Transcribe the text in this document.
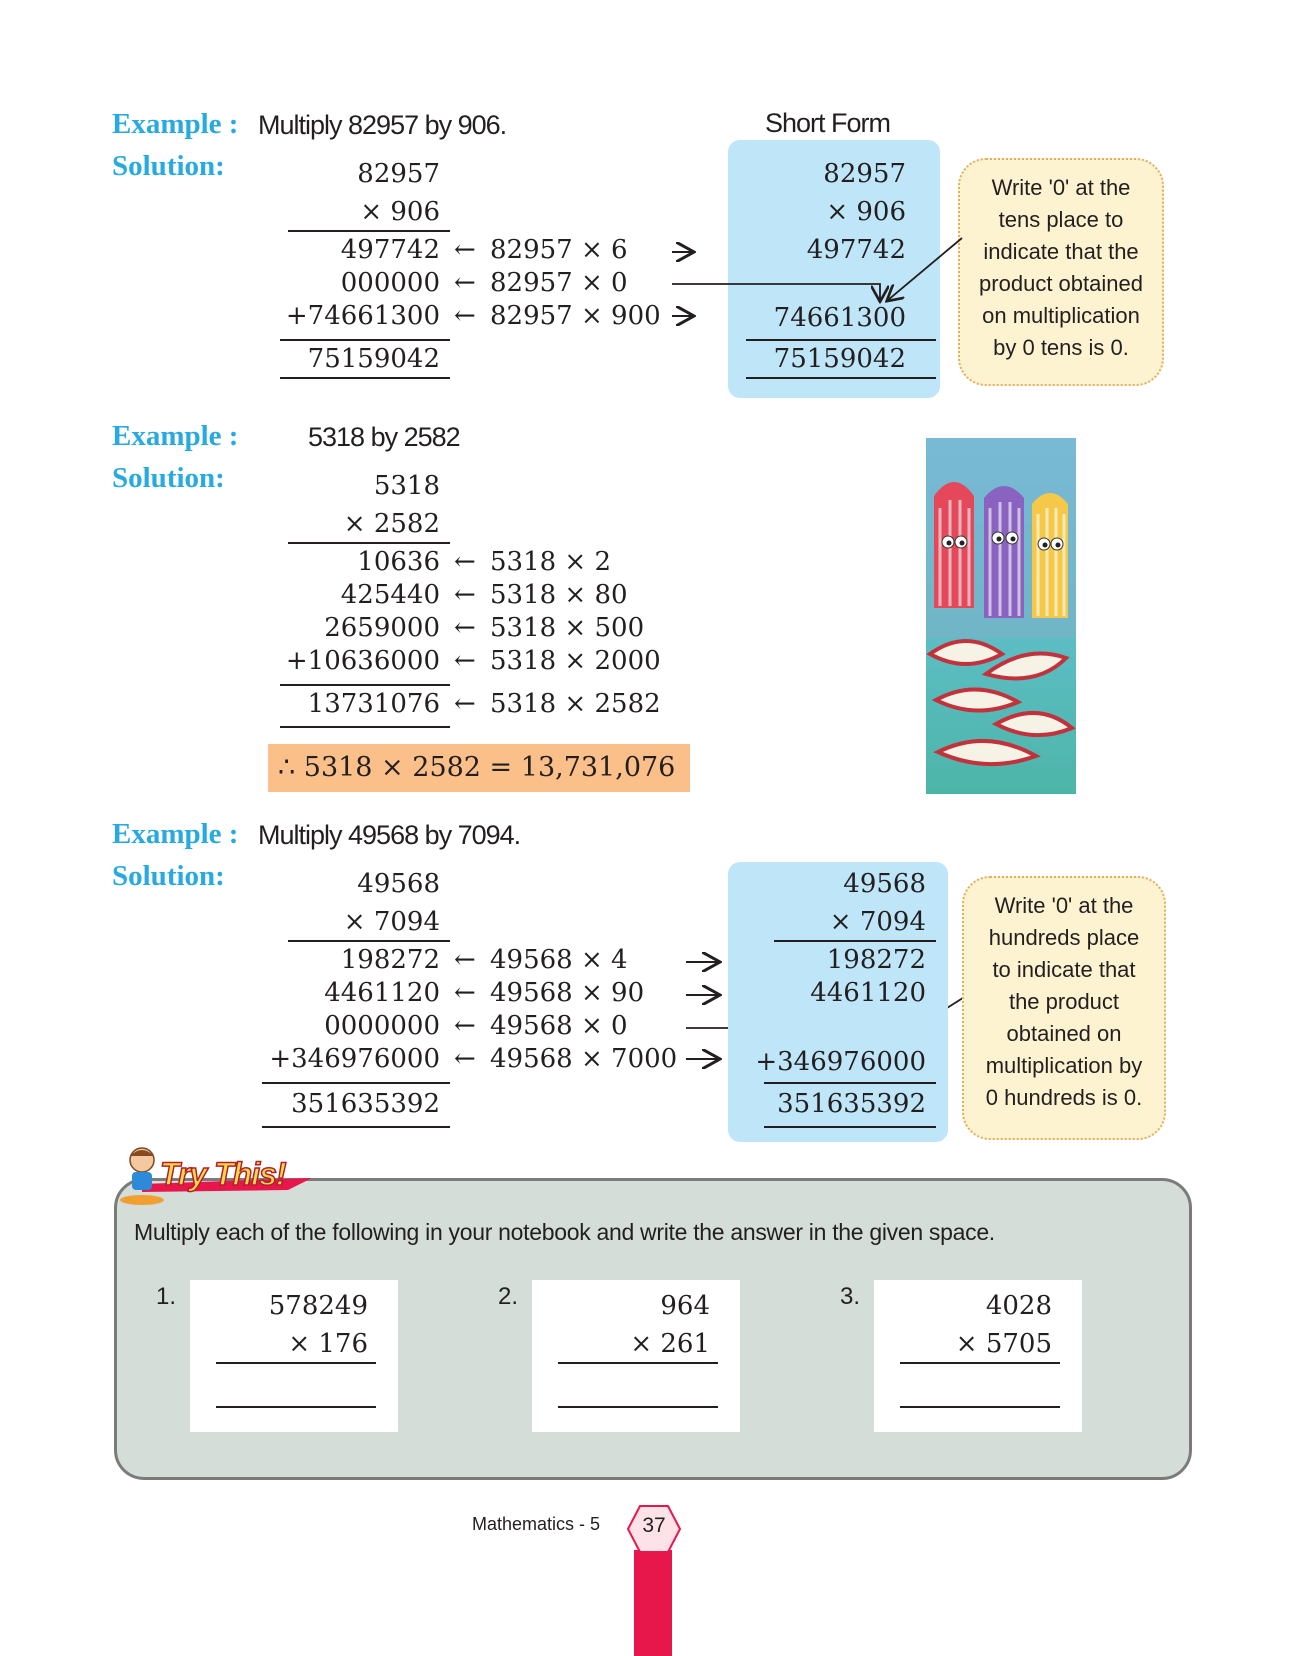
Example : Multiply 82957 by 906.
Solution:
Short Form
82957
× 906
497742 ← 82957 × 6
000000 ← 82957 × 0
+74661300 ← 82957 × 900
75159042
82957
× 906
497742
74661300
75159042
Write '0' at the
tens place to
indicate that the
product obtained
on multiplication
by 0 tens is 0.
Example :	5318 by 2582
Solution:	5318
× 2582
10636 ← 5318 × 2
425440 ← 5318 × 80
2659000 ← 5318 × 500
+10636000 ← 5318 × 2000
13731076 ← 5318 × 2582
∴ 5318 × 2582 = 13,731,076
Example : Multiply 49568 by 7094.
Solution:	49568
× 7094
198272 ← 49568 × 4
4461120 ← 49568 × 90
0000000 ← 49568 × 0
+346976000 ← 49568 × 7000
351635392
49568
× 7094
198272
4461120
+346976000
351635392
Write '0' at the
hundreds place
to indicate that
the product
obtained on
multiplication by
0 hundreds is 0.
Try This!
Multiply each of the following in your notebook and write the answer in the given space.
1.	578249
× 176
2.	964
× 261
3.	4028
× 5705
Mathematics - 5	37
